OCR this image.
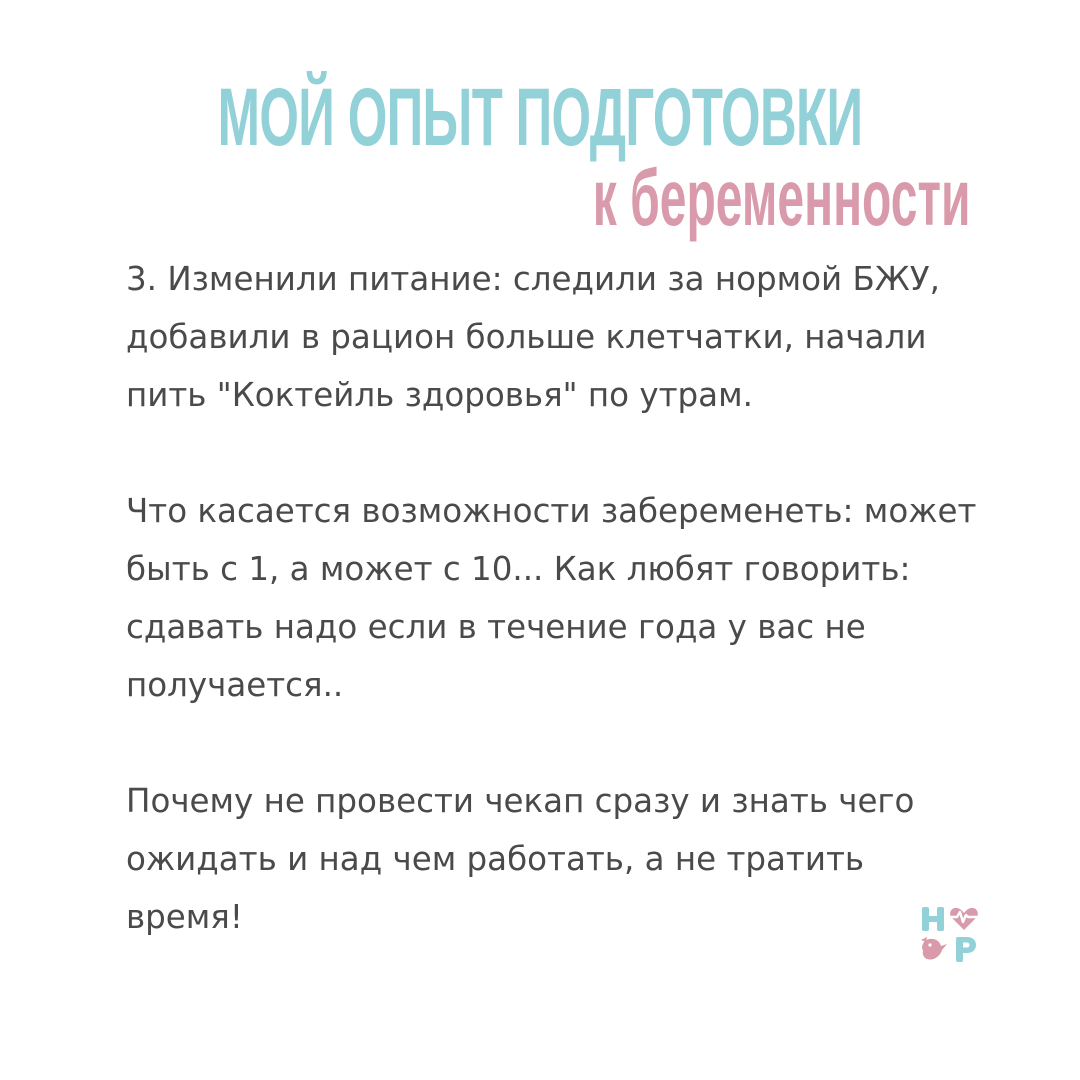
МОЙ ОПЫТ ПОДГОТОВКИ
к беременности

3. Изменили питание: следили за нормой БЖУ,
добавили в рацион больше клетчатки, начали
пить "Коктейль здоровья" по утрам.

Что касается возможности забеременеть: может
быть с 1, а может с 10... Как любят говорить:
сдавать надо если в течение года у вас не
получается..

Почему не провести чекап сразу и знать чего
ожидать и над чем работать, а не тратить время!
